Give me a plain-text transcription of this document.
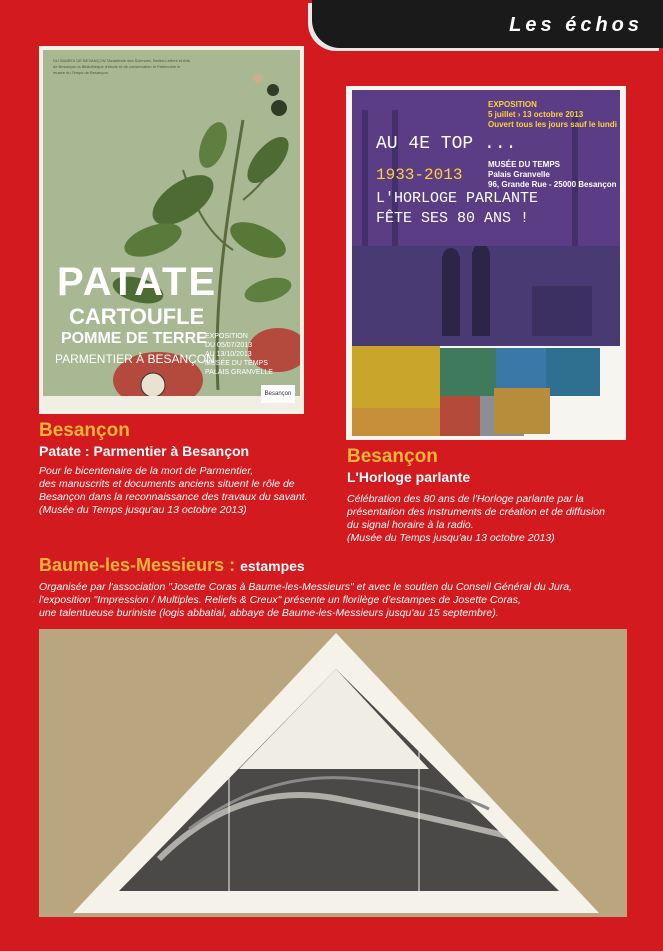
Les échos
DU SAMEDI DE BESANÇON l'Académie des Sciences, Belles-Lettres et Arts de Besançon la Bibliothèque d'étude et de conservation le Patrimoine le musée du Temps de Besançon
PATATE
CARTOUFLE
POMME DE TERRE
PARMENTIER À BESANÇON
EXPOSITION
DU 05/07/2013
AU 13/10/2013
MUSÉE DU TEMPS
PALAIS GRANVELLE
Besançon
EXPOSITION
5 juillet › 13 octobre 2013
Ouvert tous les jours sauf le lundi
MUSÉE DU TEMPS
Palais Granvelle
96, Grande Rue - 25000 Besançon
AU 4E TOP ...
1933-2013
L'HORLOGE PARLANTE
FÊTE SES 80 ANS !
Besançon
Patate : Parmentier à Besançon
Pour le bicentenaire de la mort de Parmentier,
des manuscrits et documents anciens situent le rôle de
Besançon dans la reconnaissance des travaux du savant.
(Musée du Temps jusqu'au 13 octobre 2013)
Besançon
L'Horloge parlante
Célébration des 80 ans de l'Horloge parlante par la
présentation des instruments de création et de diffusion
du signal horaire à la radio.
(Musée du Temps jusqu'au 13 octobre 2013)
Baume-les-Messieurs : estampes
Organisée par l'association "Josette Coras à Baume-les-Messieurs" et avec le soutien du Conseil Général du Jura,
l'exposition "Impression / Multiples. Reliefs & Creux" présente un florilège d'estampes de Josette Coras,
une talentueuse buriniste (logis abbatial, abbaye de Baume-les-Messieurs jusqu'au 15 septembre).
